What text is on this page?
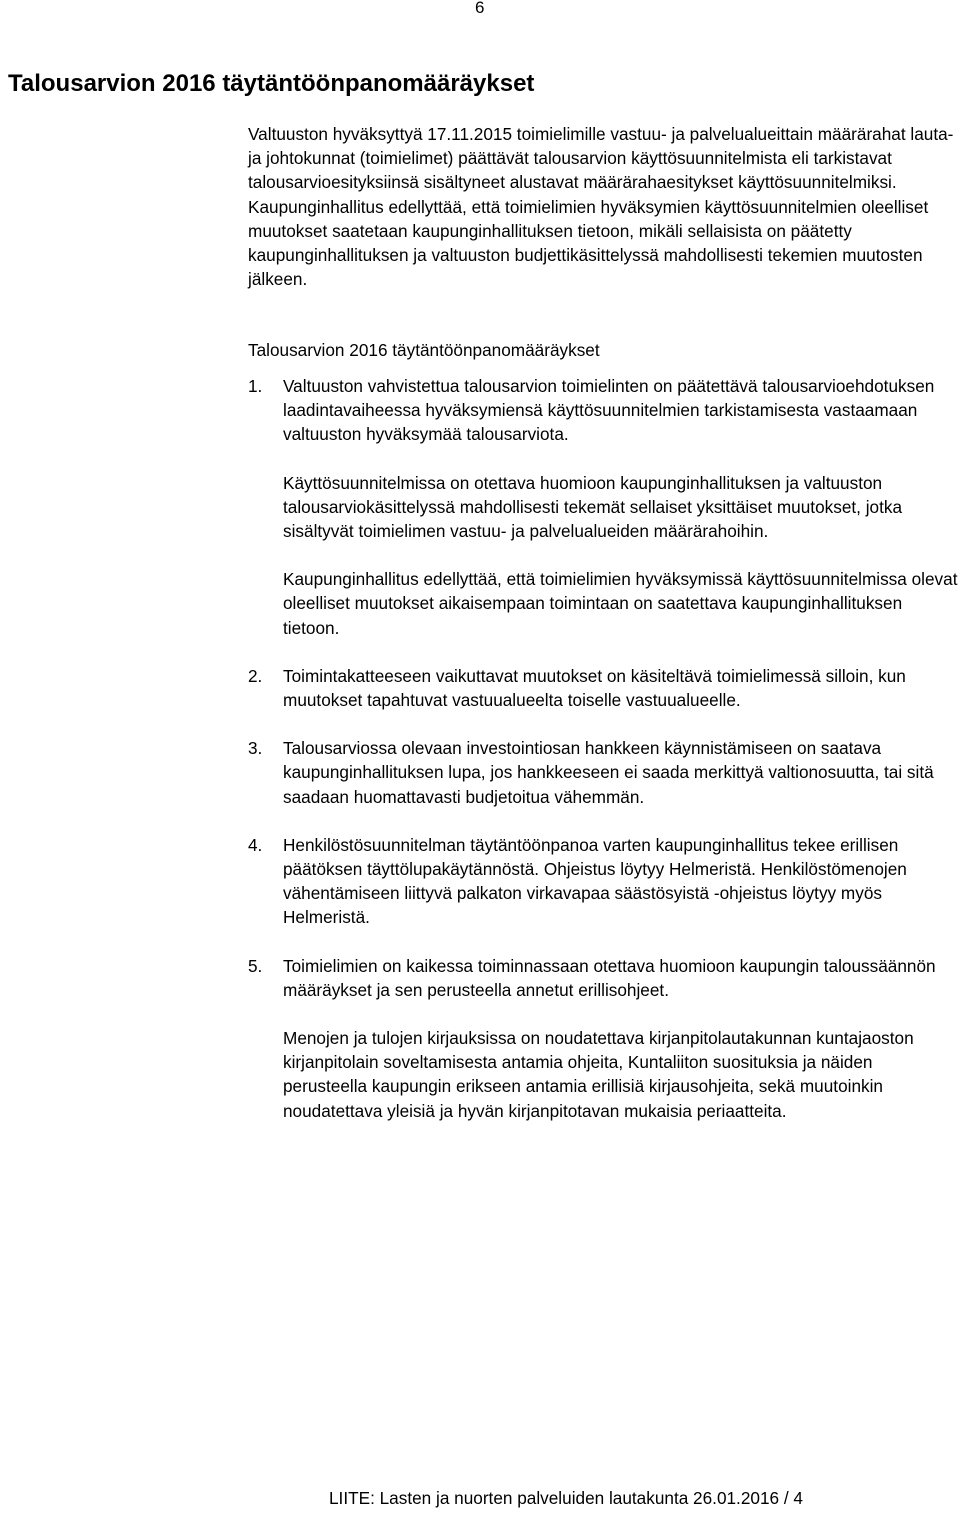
6
Talousarvion 2016 täytäntöönpanomääräykset
Valtuuston hyväksyttyä 17.11.2015 toimielimille vastuu- ja palvelualueittain määrärahat lauta- ja johtokunnat (toimielimet) päättävät talousarvion käyttösuunnitelmista eli tarkistavat talousarvioesityksiinsä sisältyneet alustavat määrärahaesitykset käyttösuunnitelmiksi. Kaupunginhallitus edellyttää, että toimielimien hyväksymien käyttösuunnitelmien oleelliset muutokset saatetaan kaupunginhallituksen tietoon, mikäli sellaisista on päätetty kaupunginhallituksen ja valtuuston budjettikäsittelyssä mahdollisesti tekemien muutosten jälkeen.
Talousarvion 2016 täytäntöönpanomääräykset
1. Valtuuston vahvistettua talousarvion toimielinten on päätettävä talousarvioehdotuksen laadintavaiheessa hyväksymiensä käyttösuunnitelmien tarkistamisesta vastaamaan valtuuston hyväksymää talousarviota.

Käyttösuunnitelmissa on otettava huomioon kaupunginhallituksen ja valtuuston talousarviokäsittelyssä mahdollisesti tekemät sellaiset yksittäiset muutokset, jotka sisältyvät toimielimen vastuu- ja palvelualueiden määrärahoihin.

Kaupunginhallitus edellyttää, että toimielimien hyväksymissä käyttösuunnitelmissa olevat oleelliset muutokset aikaisempaan toimintaan on saatettava kaupunginhallituksen tietoon.

2. Toimintakatteeseen vaikuttavat muutokset on käsiteltävä toimielimessä silloin, kun muutokset tapahtuvat vastuualueelta toiselle vastuualueelle.

3. Talousarviossa olevaan investointiosan hankkeen käynnistämiseen on saatava kaupunginhallituksen lupa, jos hankkeeseen ei saada merkittyä valtionosuutta, tai sitä saadaan huomattavasti budjetoitua vähemmän.

4. Henkilöstösuunnitelman täytäntöönpanoa varten kaupunginhallitus tekee erillisen päätöksen täyttölupakäytännöstä. Ohjeistus löytyy Helmeristä. Henkilöstömenojen vähentämiseen liittyvä palkaton virkavapaa säästösyistä -ohjeistus löytyy myös Helmeristä.

5. Toimielimien on kaikessa toiminnassaan otettava huomioon kaupungin taloussäännön määräykset ja sen perusteella annetut erillisohjeet.

Menojen ja tulojen kirjauksissa on noudatettava kirjanpitolautakunnan kuntajaoston kirjanpitolain soveltamisesta antamia ohjeita, Kuntaliiton suosituksia ja näiden perusteella kaupungin erikseen antamia erillisiä kirjausohjeita, sekä muutoinkin noudatettava yleisiä ja hyvän kirjanpitotavan mukaisia periaatteita.

LIITE: Lasten ja nuorten palveluiden lautakunta 26.01.2016 / 4
